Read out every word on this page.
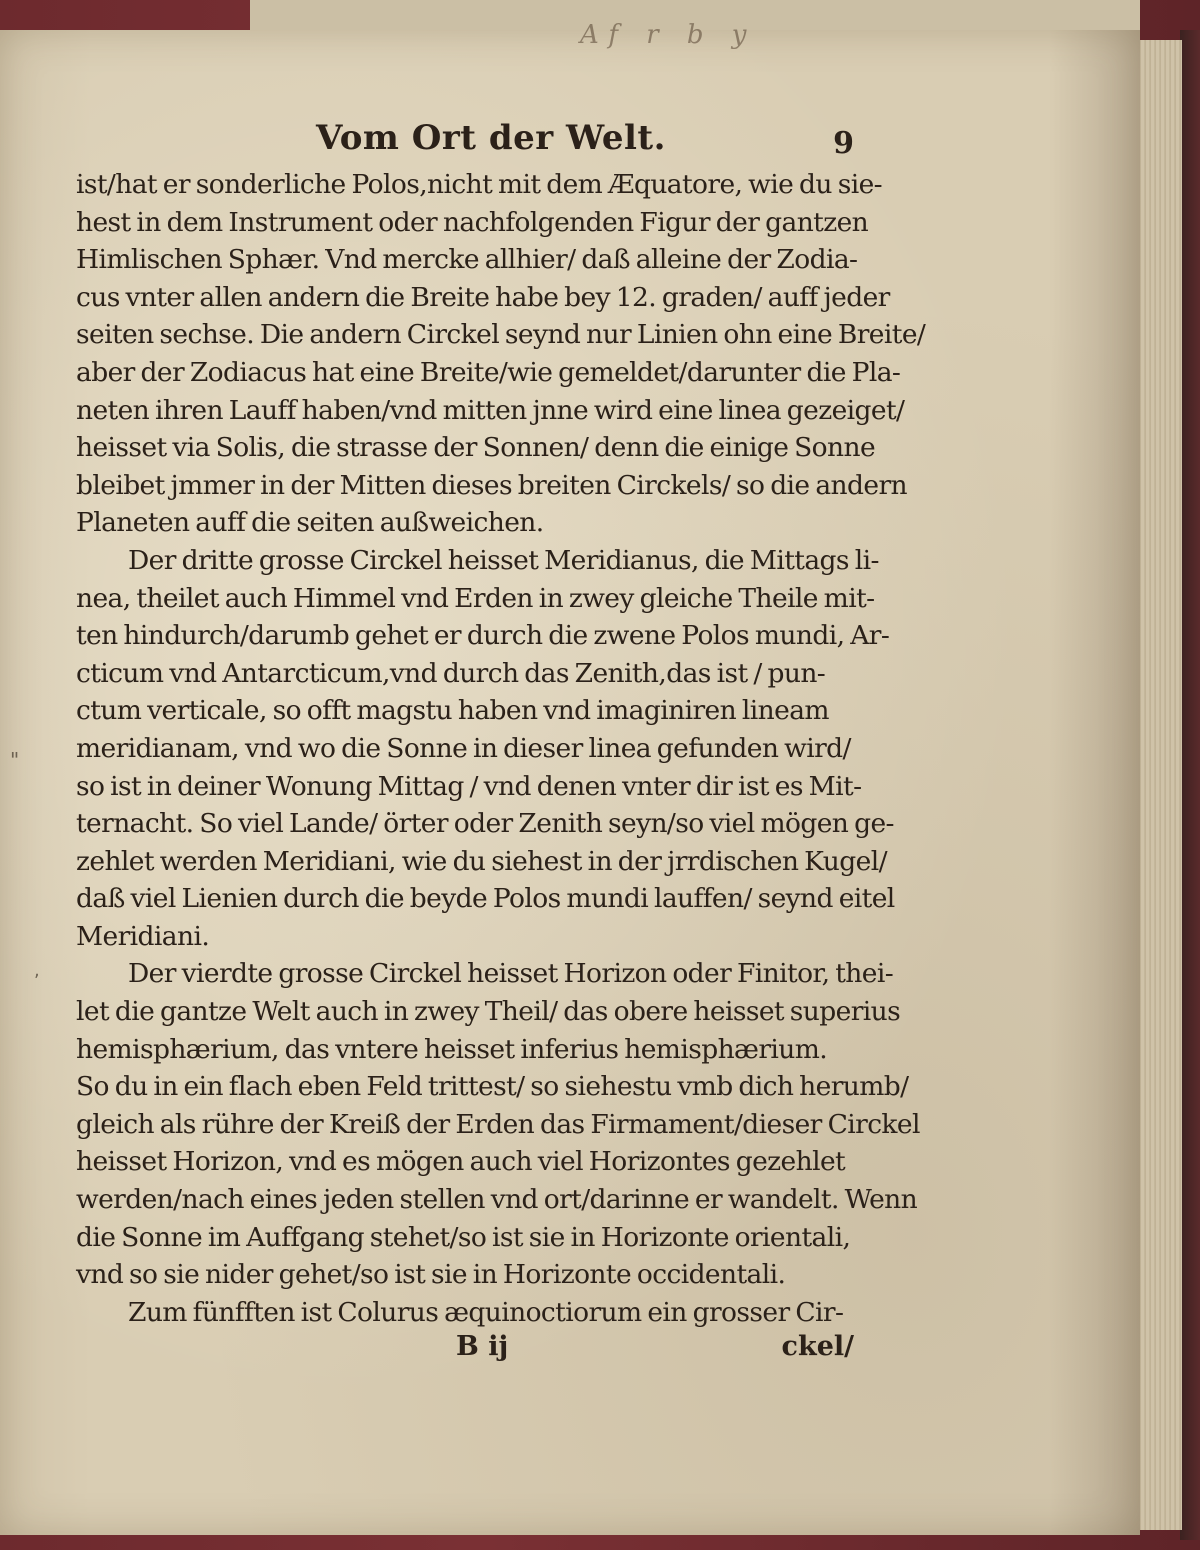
Af r b y
"
,
Vom Ort der Welt.	9
ist/hat er sonderliche Polos,nicht mit dem Æquatore, wie du sie-
hest in dem Instrument oder nachfolgenden Figur der gantzen
Himlischen Sphær. Vnd mercke allhier/ daß alleine der Zodia-
cus vnter allen andern die Breite habe bey 12. graden/ auff jeder
seiten sechse. Die andern Circkel seynd nur Linien ohn eine Breite/
aber der Zodiacus hat eine Breite/wie gemeldet/darunter die Pla-
neten ihren Lauff haben/vnd mitten jnne wird eine linea gezeiget/
heisset via Solis, die strasse der Sonnen/ denn die einige Sonne
bleibet jmmer in der Mitten dieses breiten Circkels/ so die andern
Planeten auff die seiten außweichen.
Der dritte grosse Circkel heisset Meridianus, die Mittags li-
nea, theilet auch Himmel vnd Erden in zwey gleiche Theile mit-
ten hindurch/darumb gehet er durch die zwene Polos mundi, Ar-
cticum vnd Antarcticum,vnd durch das Zenith,das ist / pun-
ctum verticale, so offt magstu haben vnd imaginiren lineam
meridianam, vnd wo die Sonne in dieser linea gefunden wird/
so ist in deiner Wonung Mittag / vnd denen vnter dir ist es Mit-
ternacht. So viel Lande/ örter oder Zenith seyn/so viel mögen ge-
zehlet werden Meridiani, wie du siehest in der jrrdischen Kugel/
daß viel Lienien durch die beyde Polos mundi lauffen/ seynd eitel
Meridiani.
Der vierdte grosse Circkel heisset Horizon oder Finitor, thei-
let die gantze Welt auch in zwey Theil/ das obere heisset superius
hemisphærium, das vntere heisset inferius hemisphærium.
So du in ein flach eben Feld trittest/ so siehestu vmb dich herumb/
gleich als rühre der Kreiß der Erden das Firmament/dieser Circkel
heisset Horizon, vnd es mögen auch viel Horizontes gezehlet
werden/nach eines jeden stellen vnd ort/darinne er wandelt. Wenn
die Sonne im Auffgang stehet/so ist sie in Horizonte orientali,
vnd so sie nider gehet/so ist sie in Horizonte occidentali.
Zum fünfften ist Colurus æquinoctiorum ein grosser Cir-
B ij	ckel/
